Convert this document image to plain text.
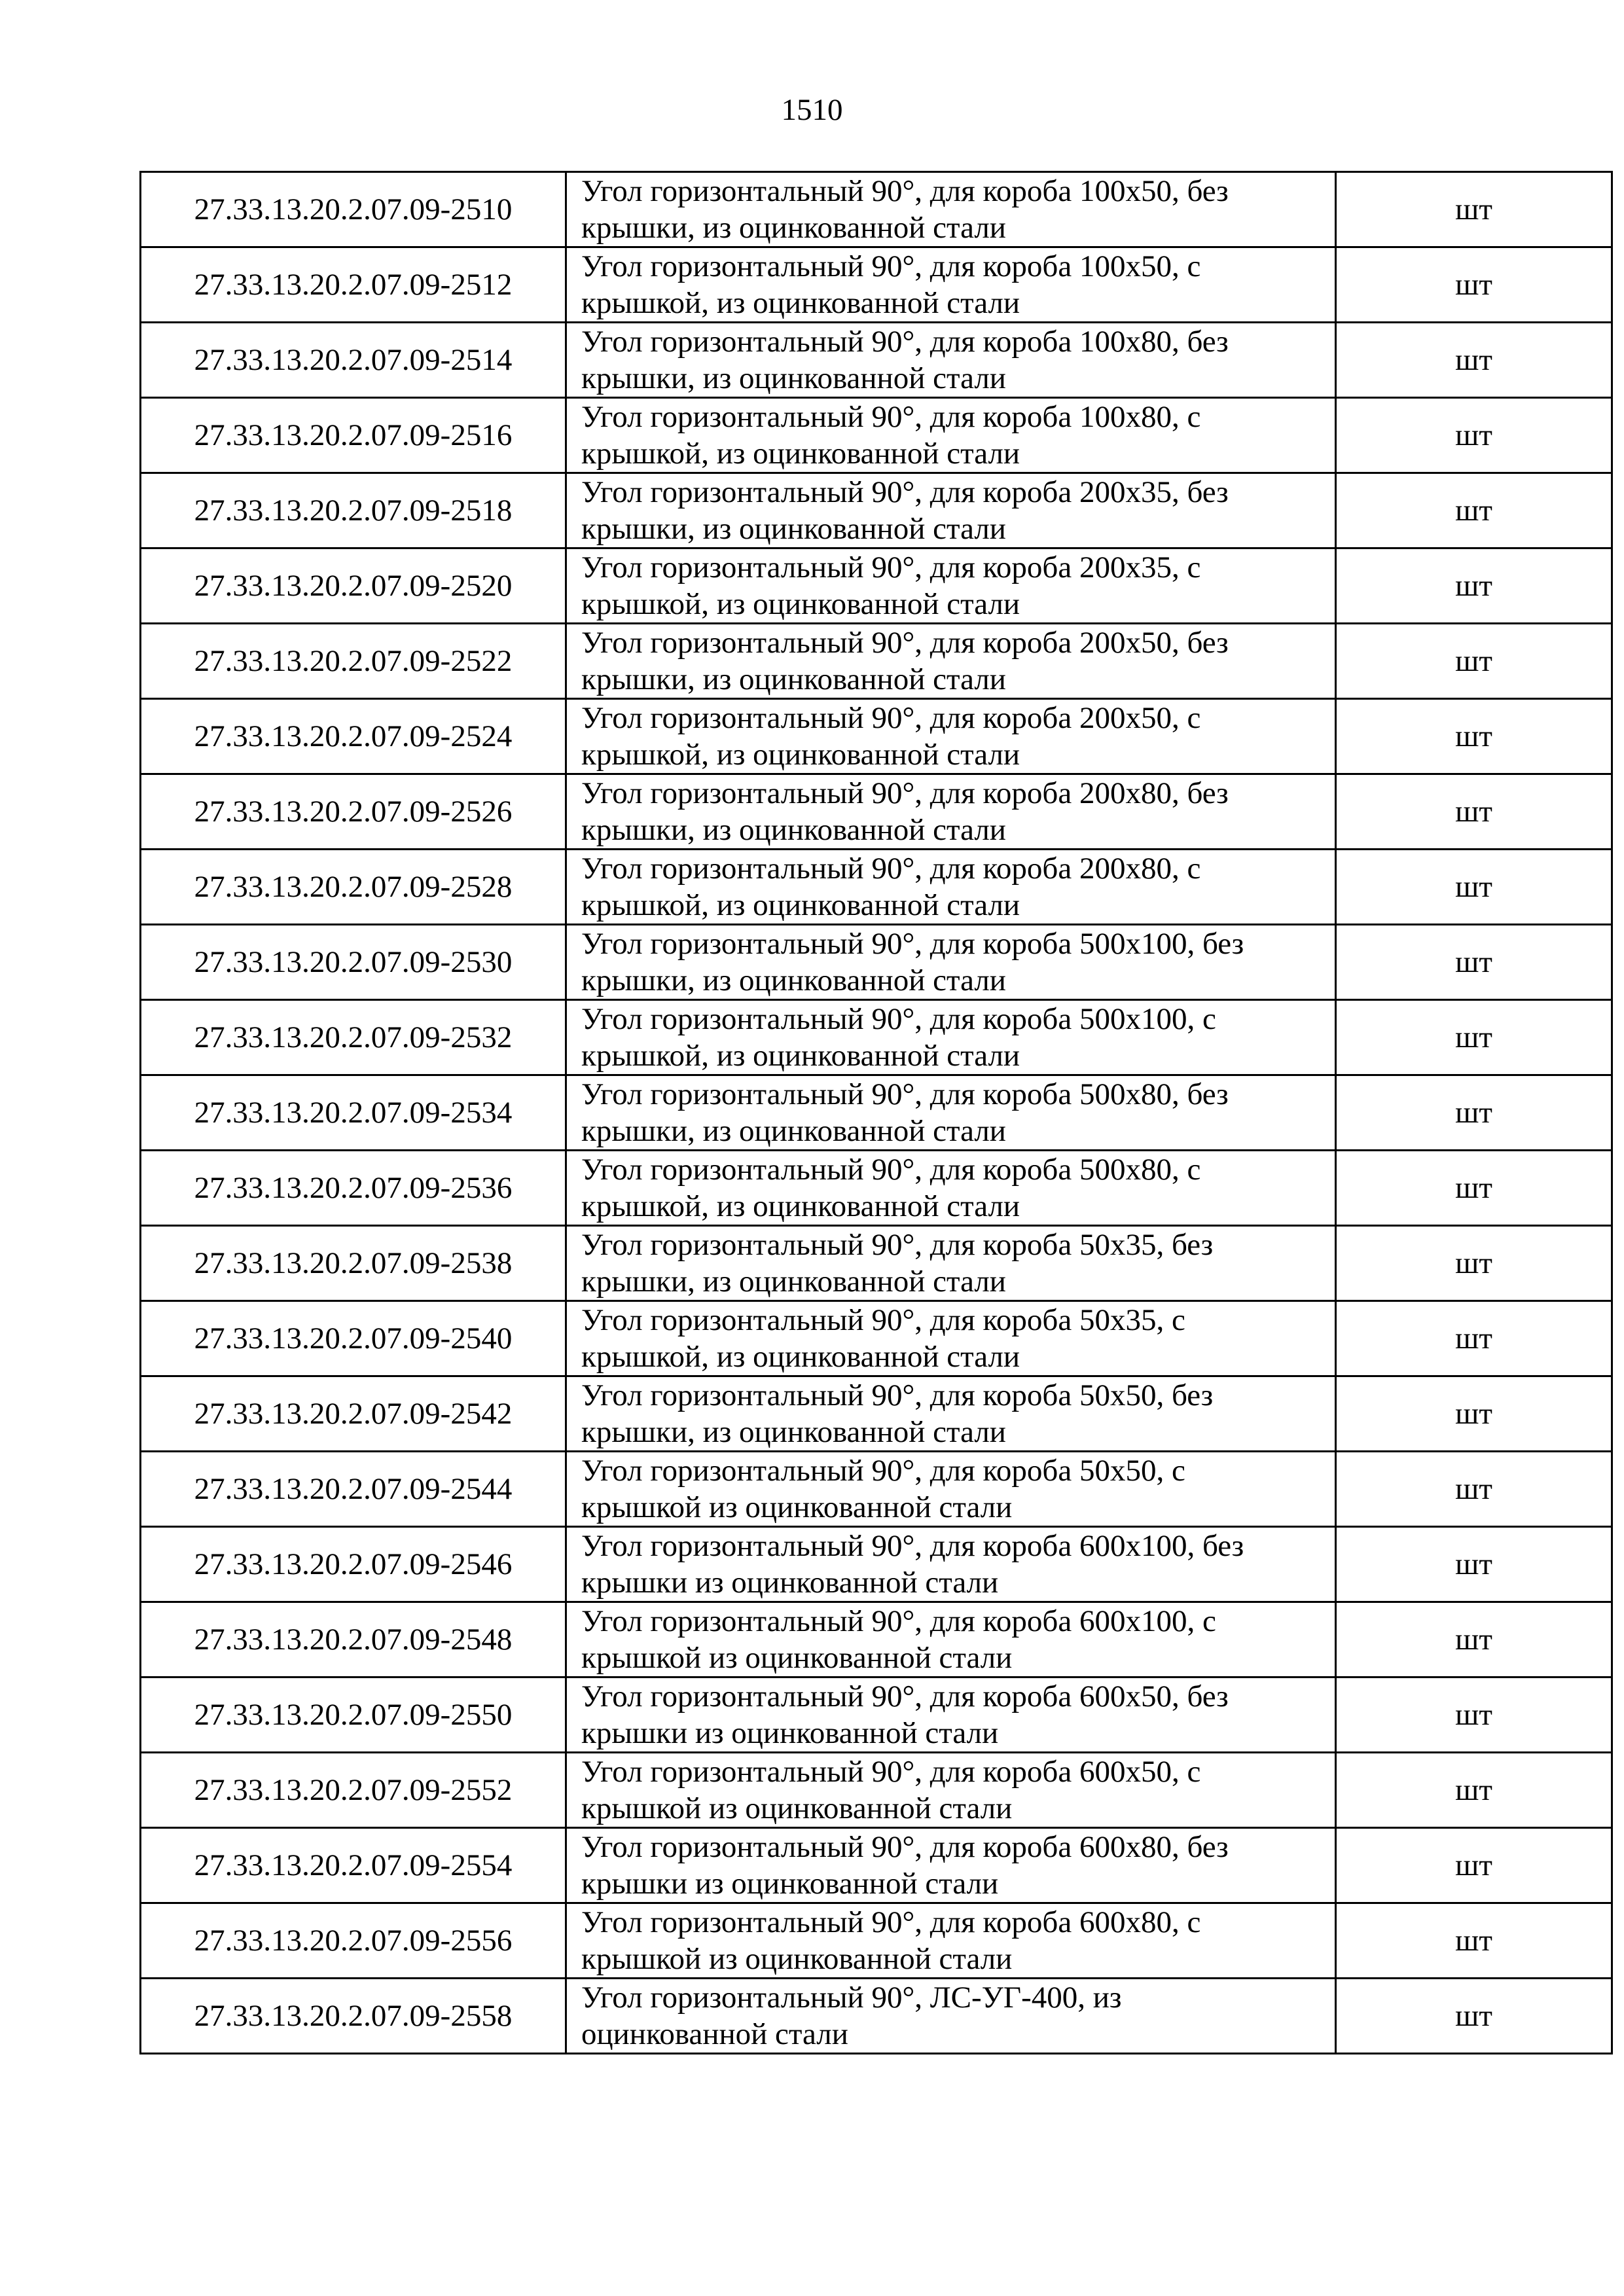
1510
27.33.13.20.2.07.09-2510	Угол горизонтальный 90°, для короба 100x50, без
крышки, из оцинкованной стали	шт
27.33.13.20.2.07.09-2512	Угол горизонтальный 90°, для короба 100x50, с
крышкой, из оцинкованной стали	шт
27.33.13.20.2.07.09-2514	Угол горизонтальный 90°, для короба 100x80, без
крышки, из оцинкованной стали	шт
27.33.13.20.2.07.09-2516	Угол горизонтальный 90°, для короба 100x80, с
крышкой, из оцинкованной стали	шт
27.33.13.20.2.07.09-2518	Угол горизонтальный 90°, для короба 200x35, без
крышки, из оцинкованной стали	шт
27.33.13.20.2.07.09-2520	Угол горизонтальный 90°, для короба 200x35, с
крышкой, из оцинкованной стали	шт
27.33.13.20.2.07.09-2522	Угол горизонтальный 90°, для короба 200x50, без
крышки, из оцинкованной стали	шт
27.33.13.20.2.07.09-2524	Угол горизонтальный 90°, для короба 200x50, с
крышкой, из оцинкованной стали	шт
27.33.13.20.2.07.09-2526	Угол горизонтальный 90°, для короба 200x80, без
крышки, из оцинкованной стали	шт
27.33.13.20.2.07.09-2528	Угол горизонтальный 90°, для короба 200x80, с
крышкой, из оцинкованной стали	шт
27.33.13.20.2.07.09-2530	Угол горизонтальный 90°, для короба 500x100, без
крышки, из оцинкованной стали	шт
27.33.13.20.2.07.09-2532	Угол горизонтальный 90°, для короба 500x100, с
крышкой, из оцинкованной стали	шт
27.33.13.20.2.07.09-2534	Угол горизонтальный 90°, для короба 500x80, без
крышки, из оцинкованной стали	шт
27.33.13.20.2.07.09-2536	Угол горизонтальный 90°, для короба 500x80, с
крышкой, из оцинкованной стали	шт
27.33.13.20.2.07.09-2538	Угол горизонтальный 90°, для короба 50x35, без
крышки, из оцинкованной стали	шт
27.33.13.20.2.07.09-2540	Угол горизонтальный 90°, для короба 50x35, с
крышкой, из оцинкованной стали	шт
27.33.13.20.2.07.09-2542	Угол горизонтальный 90°, для короба 50x50, без
крышки, из оцинкованной стали	шт
27.33.13.20.2.07.09-2544	Угол горизонтальный 90°, для короба 50x50, с
крышкой из оцинкованной стали	шт
27.33.13.20.2.07.09-2546	Угол горизонтальный 90°, для короба 600x100, без
крышки из оцинкованной стали	шт
27.33.13.20.2.07.09-2548	Угол горизонтальный 90°, для короба 600x100, с
крышкой из оцинкованной стали	шт
27.33.13.20.2.07.09-2550	Угол горизонтальный 90°, для короба 600x50, без
крышки из оцинкованной стали	шт
27.33.13.20.2.07.09-2552	Угол горизонтальный 90°, для короба 600x50, с
крышкой из оцинкованной стали	шт
27.33.13.20.2.07.09-2554	Угол горизонтальный 90°, для короба 600x80, без
крышки из оцинкованной стали	шт
27.33.13.20.2.07.09-2556	Угол горизонтальный 90°, для короба 600x80, с
крышкой из оцинкованной стали	шт
27.33.13.20.2.07.09-2558	Угол горизонтальный 90°, ЛС-УГ-400, из
оцинкованной стали	шт
